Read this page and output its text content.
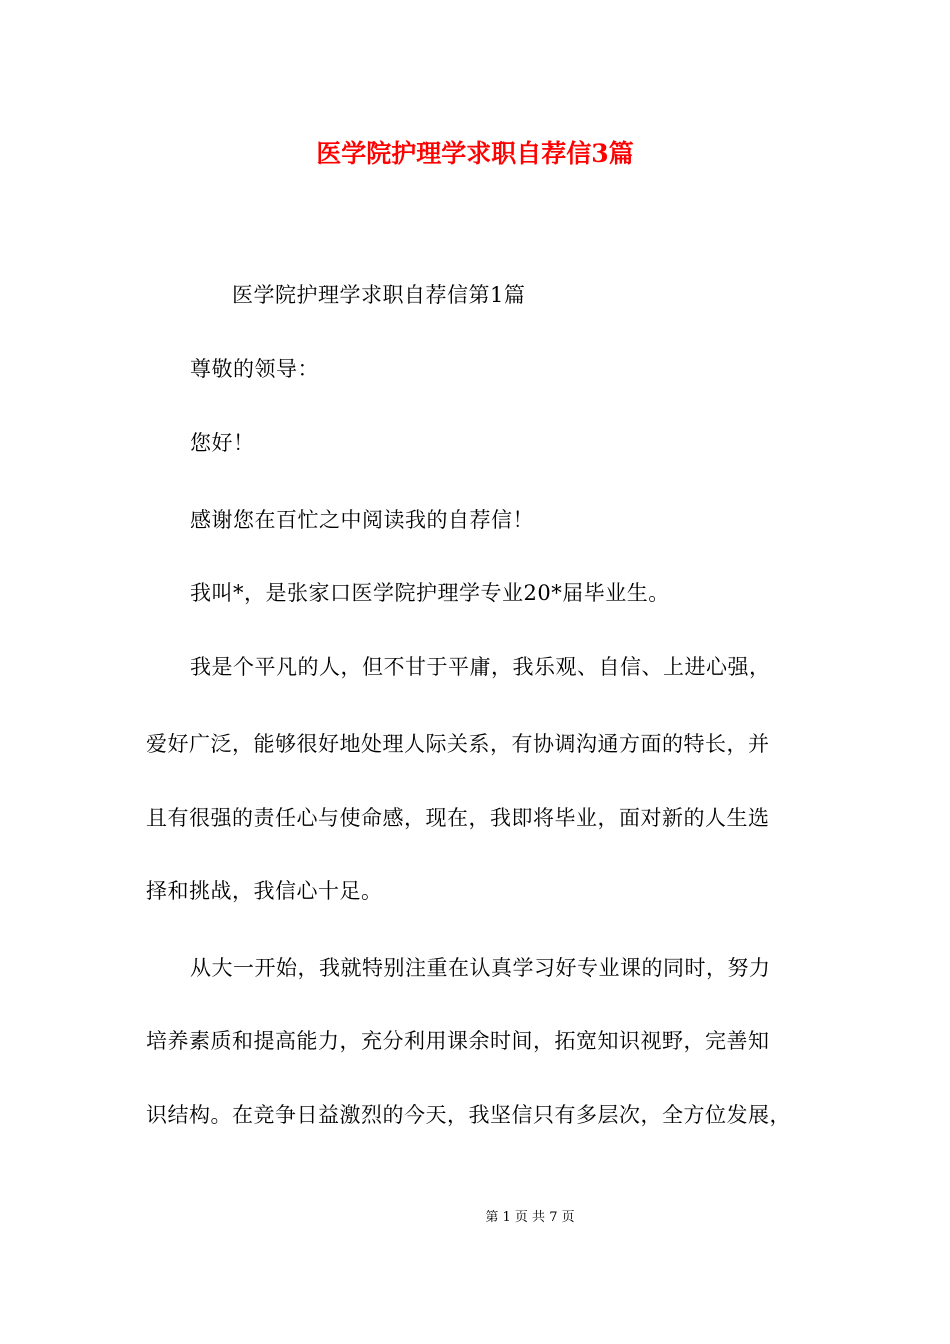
医学院护理学求职自荐信3篇
医学院护理学求职自荐信第1篇
尊敬的领导：
您好！
感谢您在百忙之中阅读我的自荐信！
我叫*，是张家口医学院护理学专业20*届毕业生。
我是个平凡的人，但不甘于平庸，我乐观、自信、上进心强，
爱好广泛，能够很好地处理人际关系，有协调沟通方面的特长，并
且有很强的责任心与使命感，现在，我即将毕业，面对新的人生选
择和挑战，我信心十足。
从大一开始，我就特别注重在认真学习好专业课的同时，努力
培养素质和提高能力，充分利用课余时间，拓宽知识视野，完善知
识结构。在竞争日益激烈的今天，我坚信只有多层次，全方位发展，
第 1 页 共 7 页
